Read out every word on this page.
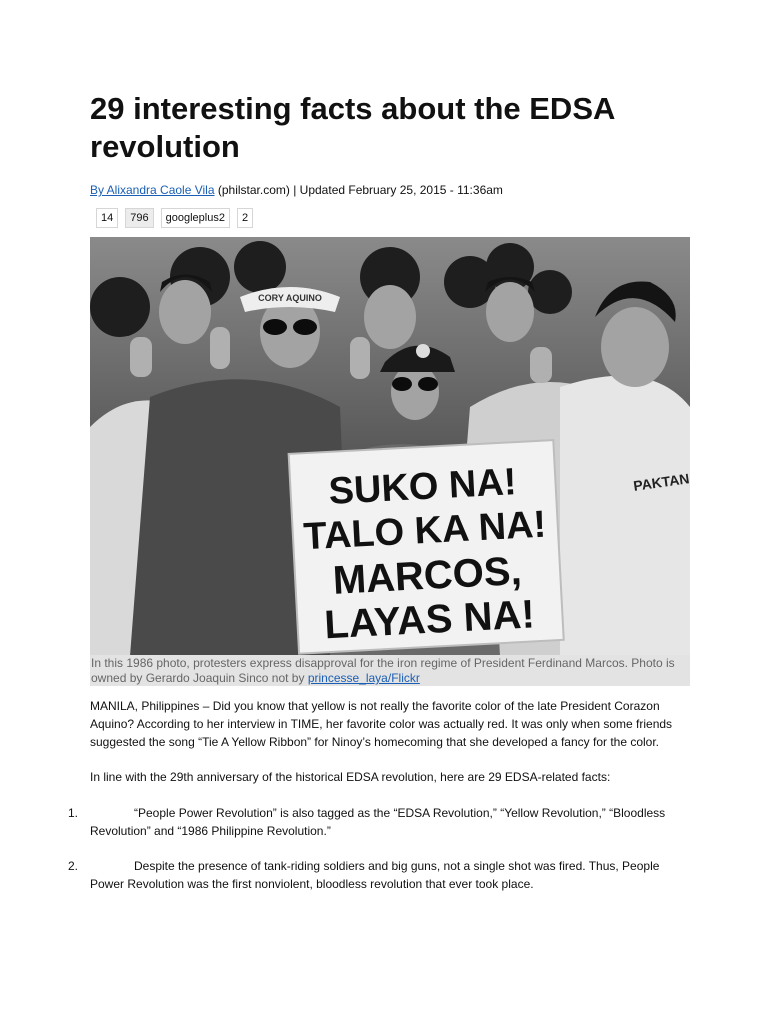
29 interesting facts about the EDSA revolution
By Alixandra Caole Vila (philstar.com) | Updated February 25, 2015 - 11:36am
14	796	googleplus2	2
CORY AQUINO
PAKTAN
SUKO NA!
TALO KA NA!
MARCOS,
LAYAS NA!
In this 1986 photo, protesters express disapproval for the iron regime of President Ferdinand Marcos. Photo is owned by Gerardo Joaquin Sinco not by princesse_laya/Flickr

MANILA, Philippines – Did you know that yellow is not really the favorite color of the late President Corazon Aquino? According to her interview in TIME, her favorite color was actually red. It was only when some friends suggested the song “Tie A Yellow Ribbon” for Ninoy’s homecoming that she developed a fancy for the color.

In line with the 29th anniversary of the historical EDSA revolution, here are 29 EDSA-related facts:

1.	“People Power Revolution” is also tagged as the “EDSA Revolution,” “Yellow Revolution,” “Bloodless Revolution” and “1986 Philippine Revolution.”
2.	Despite the presence of tank-riding soldiers and big guns, not a single shot was fired. Thus, People Power Revolution was the first nonviolent, bloodless revolution that ever took place.
